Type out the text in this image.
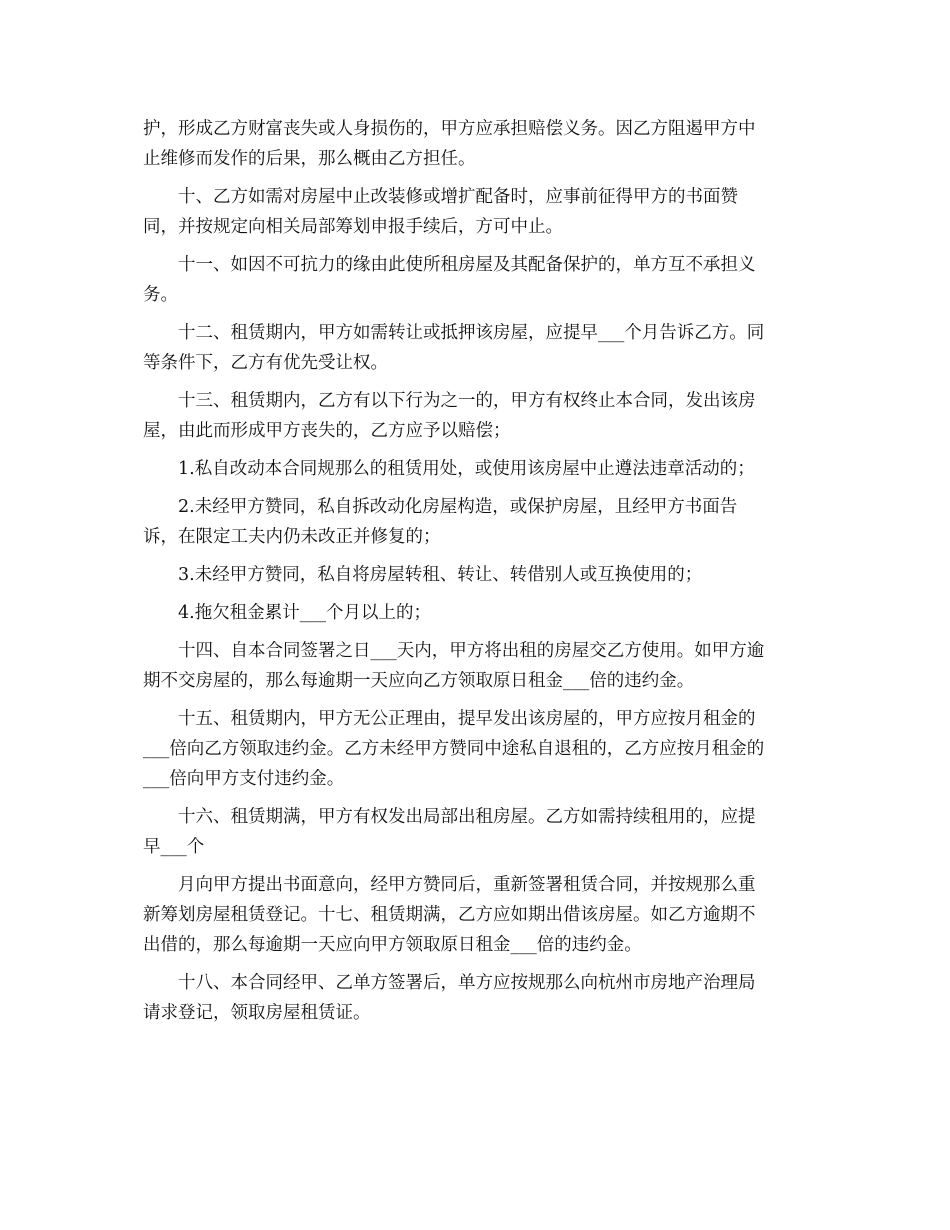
护，形成乙方财富丧失或人身损伤的，甲方应承担赔偿义务。因乙方阻遏甲方中
止维修而发作的后果，那么概由乙方担任。
十、乙方如需对房屋中止改装修或增扩配备时，应事前征得甲方的书面赞
同，并按规定向相关局部筹划申报手续后，方可中止。
十一、如因不可抗力的缘由此使所租房屋及其配备保护的，单方互不承担义
务。
十二、租赁期内，甲方如需转让或抵押该房屋，应提早___个月告诉乙方。同
等条件下，乙方有优先受让权。
十三、租赁期内，乙方有以下行为之一的，甲方有权终止本合同，发出该房
屋，由此而形成甲方丧失的，乙方应予以赔偿；
1.私自改动本合同规那么的租赁用处，或使用该房屋中止遵法违章活动的；
2.未经甲方赞同，私自拆改动化房屋构造，或保护房屋，且经甲方书面告
诉，在限定工夫内仍未改正并修复的；
3.未经甲方赞同，私自将房屋转租、转让、转借别人或互换使用的；
4.拖欠租金累计___个月以上的；
十四、自本合同签署之日___天内，甲方将出租的房屋交乙方使用。如甲方逾
期不交房屋的，那么每逾期一天应向乙方领取原日租金___倍的违约金。
十五、租赁期内，甲方无公正理由，提早发出该房屋的，甲方应按月租金的
___倍向乙方领取违约金。乙方未经甲方赞同中途私自退租的，乙方应按月租金的
___倍向甲方支付违约金。
十六、租赁期满，甲方有权发出局部出租房屋。乙方如需持续租用的，应提
早___个
月向甲方提出书面意向，经甲方赞同后，重新签署租赁合同，并按规那么重
新筹划房屋租赁登记。十七、租赁期满，乙方应如期出借该房屋。如乙方逾期不
出借的，那么每逾期一天应向甲方领取原日租金___倍的违约金。
十八、本合同经甲、乙单方签署后，单方应按规那么向杭州市房地产治理局
请求登记，领取房屋租赁证。
